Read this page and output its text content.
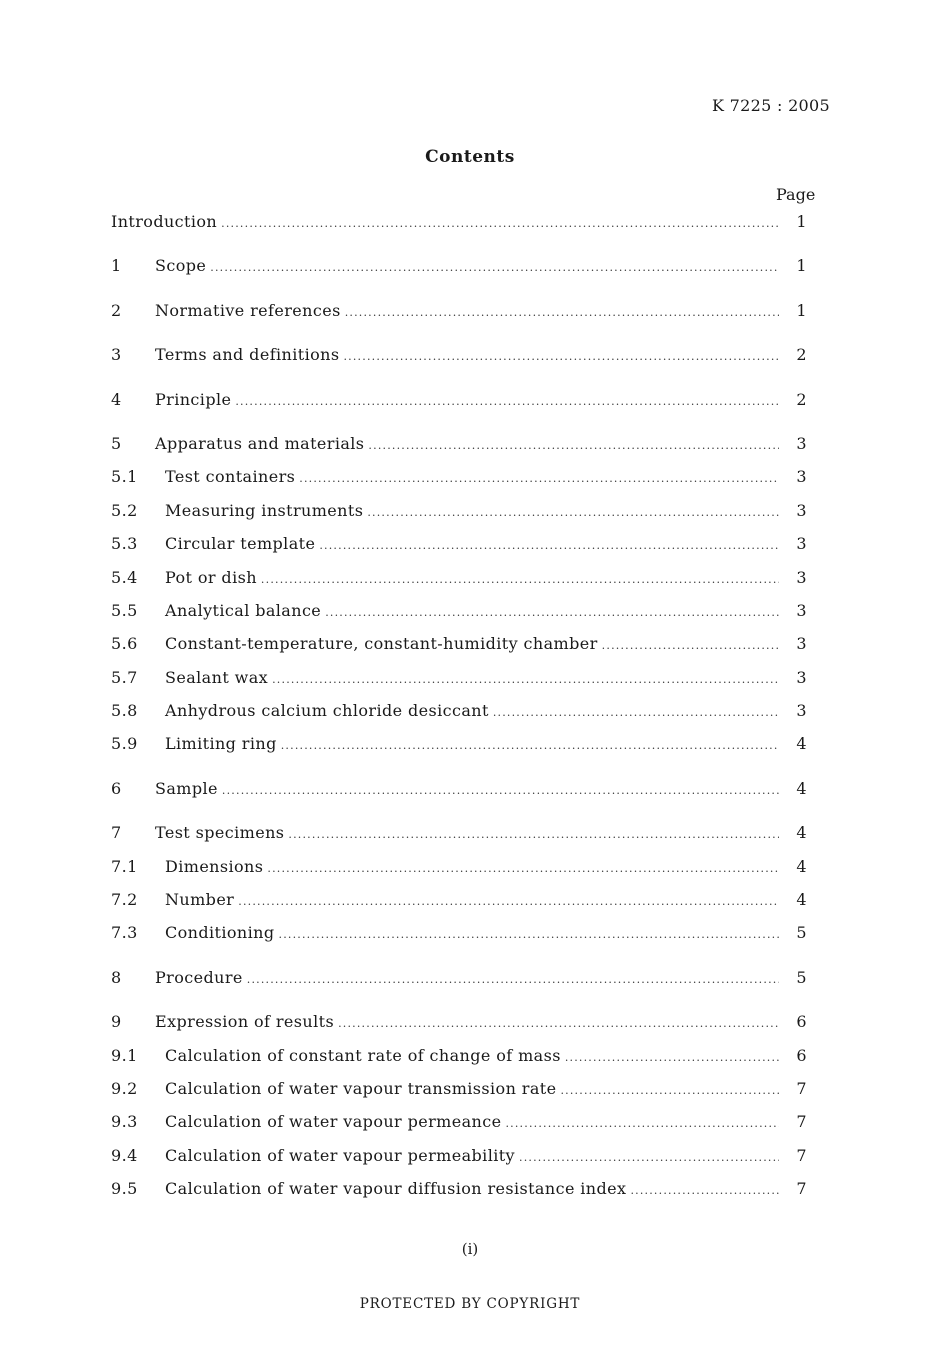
K 7225 : 2005
Contents
Page
Introduction .....	1
1	Scope .....	1
2	Normative references .....	1
3	Terms and definitions .....	2
4	Principle .....	2
5	Apparatus and materials .....	3
5.1	Test containers .....	3
5.2	Measuring instruments .....	3
5.3	Circular template .....	3
5.4	Pot or dish .....	3
5.5	Analytical balance .....	3
5.6	Constant-temperature, constant-humidity chamber .....	3
5.7	Sealant wax .....	3
5.8	Anhydrous calcium chloride desiccant .....	3
5.9	Limiting ring .....	4
6	Sample .....	4
7	Test specimens .....	4
7.1	Dimensions .....	4
7.2	Number .....	4
7.3	Conditioning .....	5
8	Procedure .....	5
9	Expression of results .....	6
9.1	Calculation of constant rate of change of mass .....	6
9.2	Calculation of water vapour transmission rate .....	7
9.3	Calculation of water vapour permeance .....	7
9.4	Calculation of water vapour permeability .....	7
9.5	Calculation of water vapour diffusion resistance index .....	7
(i)
PROTECTED BY COPYRIGHT
